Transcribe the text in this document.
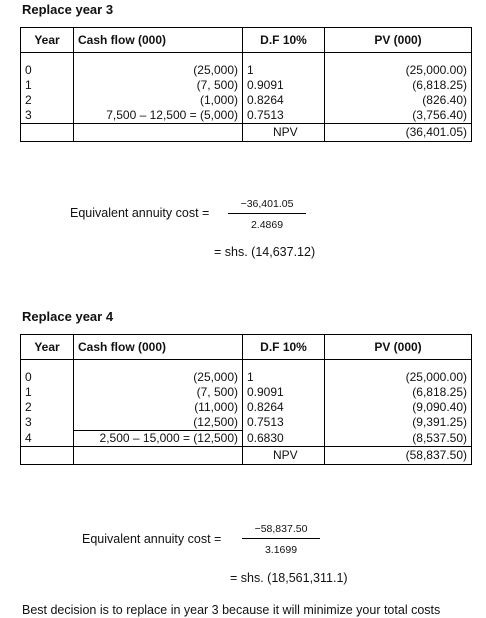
Replace year 3
Year	Cash flow (000)	D.F 10%	PV (000)

0	(25,000)	1	(25,000.00)
1	(7, 500)	0.9091	(6,818.25)
2	(1,000)	0.8264	(826.40)
3	7,500 – 12,500 = (5,000)	0.7513	(3,756.40)
		NPV	(36,401.05)
Equivalent annuity $\cos t = \frac{-36,401.05}{2.4869}$
= shs. (14,637.12)
Replace year 4
Year	Cash flow (000)	D.F 10%	PV (000)

0	(25,000)	1	(25,000.00)
1	(7, 500)	0.9091	(6,818.25)
2	(11,000)	0.8264	(9,090.40)
3	(12,500)	0.7513	(9,391.25)
4	2,500 – 15,000 = (12,500)	0.6830	(8,537.50)
		NPV	(58,837.50)
Equivalent annuity $\cos t = \frac{-58,837.50}{3.1699}$
= shs. (18,561,311.1)
Best decision is to replace in year 3 because it will minimize your total costs
